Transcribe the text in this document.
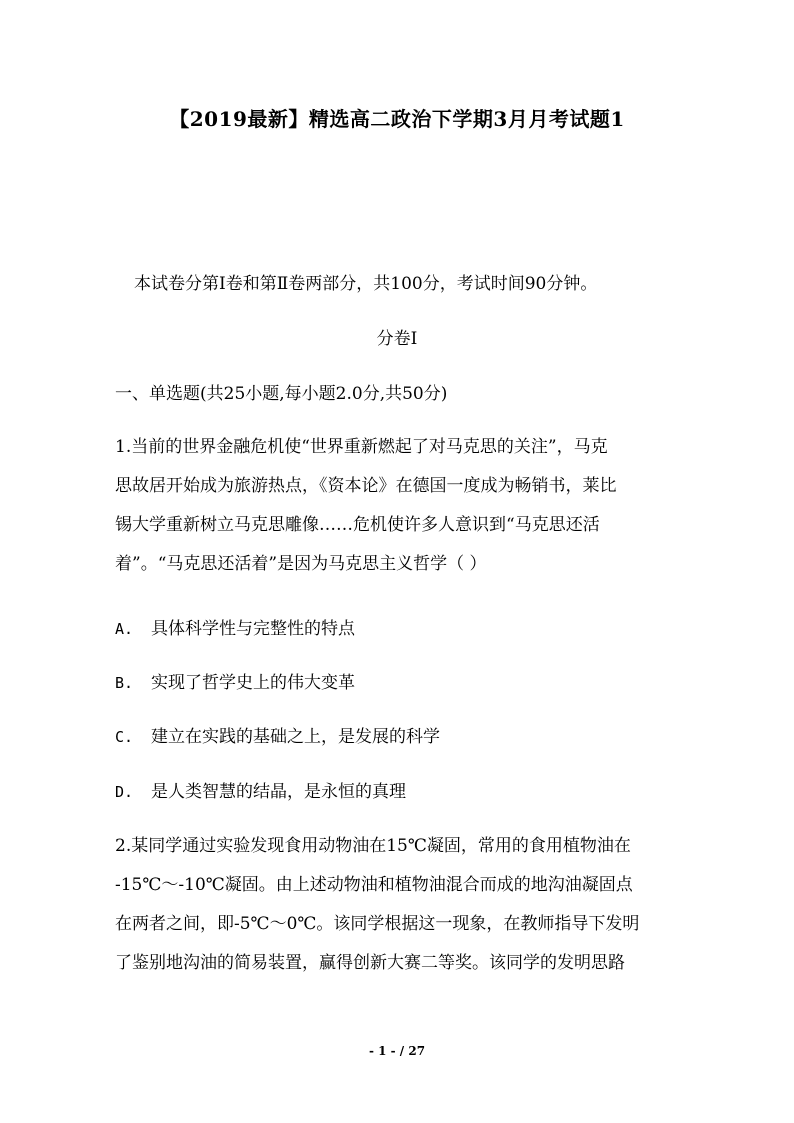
【2019最新】精选高二政治下学期3月月考试题1
本试卷分第Ⅰ卷和第Ⅱ卷两部分，共100分，考试时间90分钟。
分卷I
一、单选题(共25小题,每小题2.0分,共50分)

1.当前的世界金融危机使“世界重新燃起了对马克思的关注”，马克

思故居开始成为旅游热点，《资本论》在德国一度成为畅销书，莱比

锡大学重新树立马克思雕像……危机使许多人意识到“马克思还活

着”。“马克思还活着”是因为马克思主义哲学（ ）

A. 具体科学性与完整性的特点
B. 实现了哲学史上的伟大变革
C. 建立在实践的基础之上，是发展的科学
D. 是人类智慧的结晶，是永恒的真理

2.某同学通过实验发现食用动物油在15℃凝固，常用的食用植物油在

-15℃～-10℃凝固。由上述动物油和植物油混合而成的地沟油凝固点

在两者之间，即-5℃～0℃。该同学根据这一现象，在教师指导下发明

了鉴别地沟油的简易装置，赢得创新大赛二等奖。该同学的发明思路

- 1 - / 27
